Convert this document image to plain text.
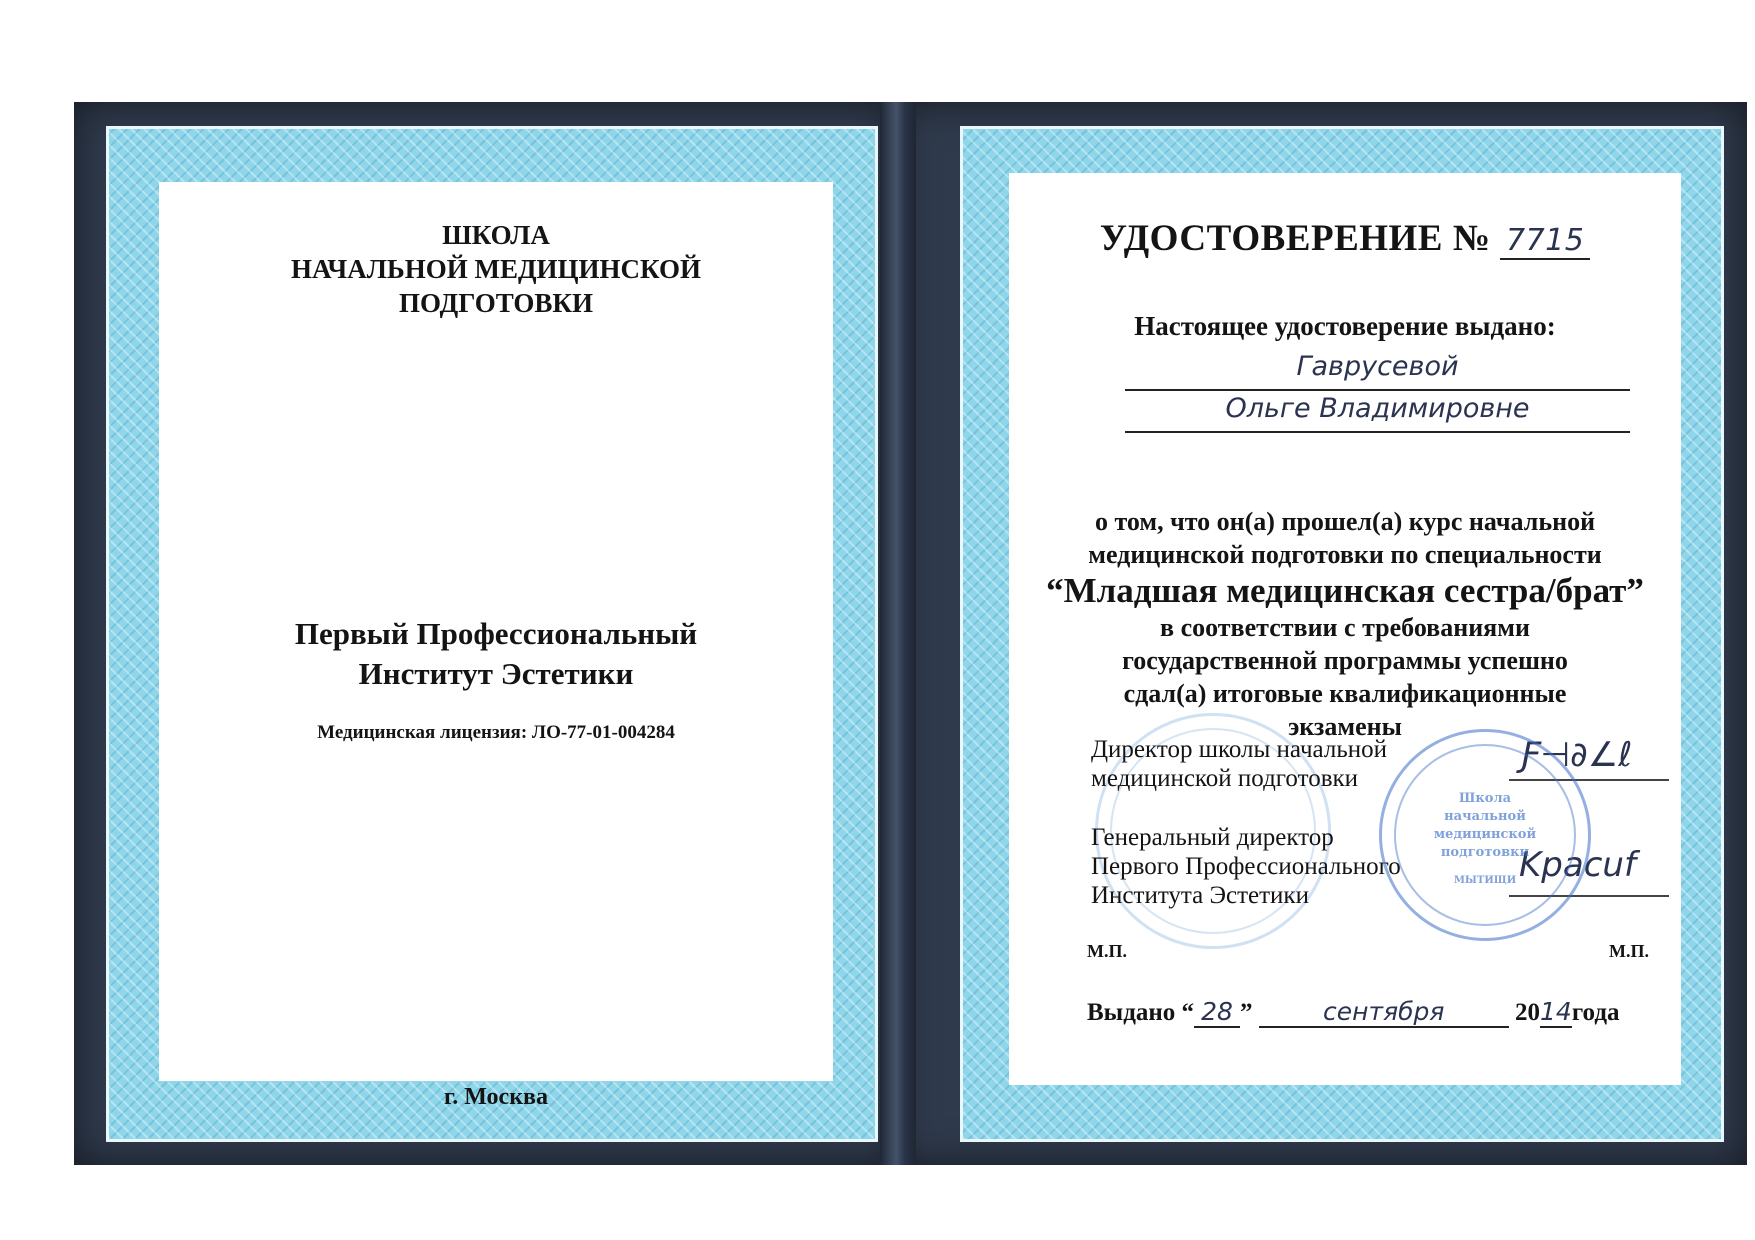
ШКОЛА
НАЧАЛЬНОЙ МЕДИЦИНСКОЙ
ПОДГОТОВКИ
Первый Профессиональный
Институт Эстетики
Медицинская лицензия: ЛО-77-01-004284
г. Москва
УДОСТОВЕРЕНИЕ № 7715
Настоящее удостоверение выдано:
Гаврусевой
Ольге Владимировне
о том, что он(а) прошел(а) курс начальной
медицинской подготовки по специальности
“Младшая медицинская сестра/брат”
в соответствии с требованиями
государственной программы успешно
сдал(а) итоговые квалификационные
экзамены
Директор школы начальной
медицинской подготовки
Ƒ⊣∂∠ℓ
Генеральный директор
Первого Профессионального
Института Эстетики
Kpacuf
Школа
начальной
медицинской
подготовки
МЫТИЩИ
М.П.	М.П.
Выдано “ 28 ”	сентября	2014года
